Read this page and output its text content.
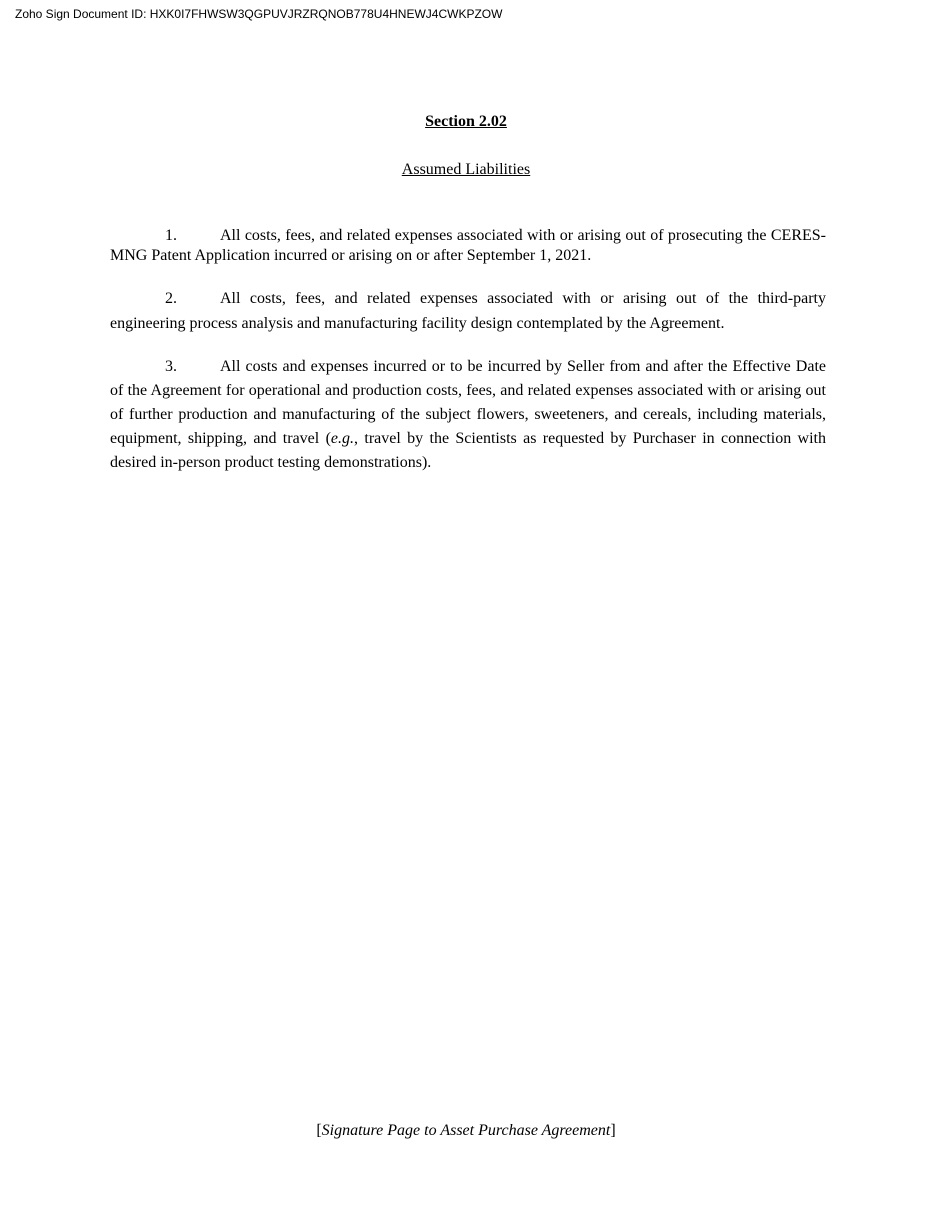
Zoho Sign Document ID: HXK0I7FHWSW3QGPUVJRZRQNOB778U4HNEWJ4CWKPZOW
Section 2.02
Assumed Liabilities

1.	All costs, fees, and related expenses associated with or arising out of prosecuting the CERES-MNG Patent Application incurred or arising on or after September 1, 2021.

2.	All costs, fees, and related expenses associated with or arising out of the third-party engineering process analysis and manufacturing facility design contemplated by the Agreement.

3.	All costs and expenses incurred or to be incurred by Seller from and after the Effective Date of the Agreement for operational and production costs, fees, and related expenses associated with or arising out of further production and manufacturing of the subject flowers, sweeteners, and cereals, including materials, equipment, shipping, and travel (e.g., travel by the Scientists as requested by Purchaser in connection with desired in-person product testing demonstrations).

[Signature Page to Asset Purchase Agreement]
